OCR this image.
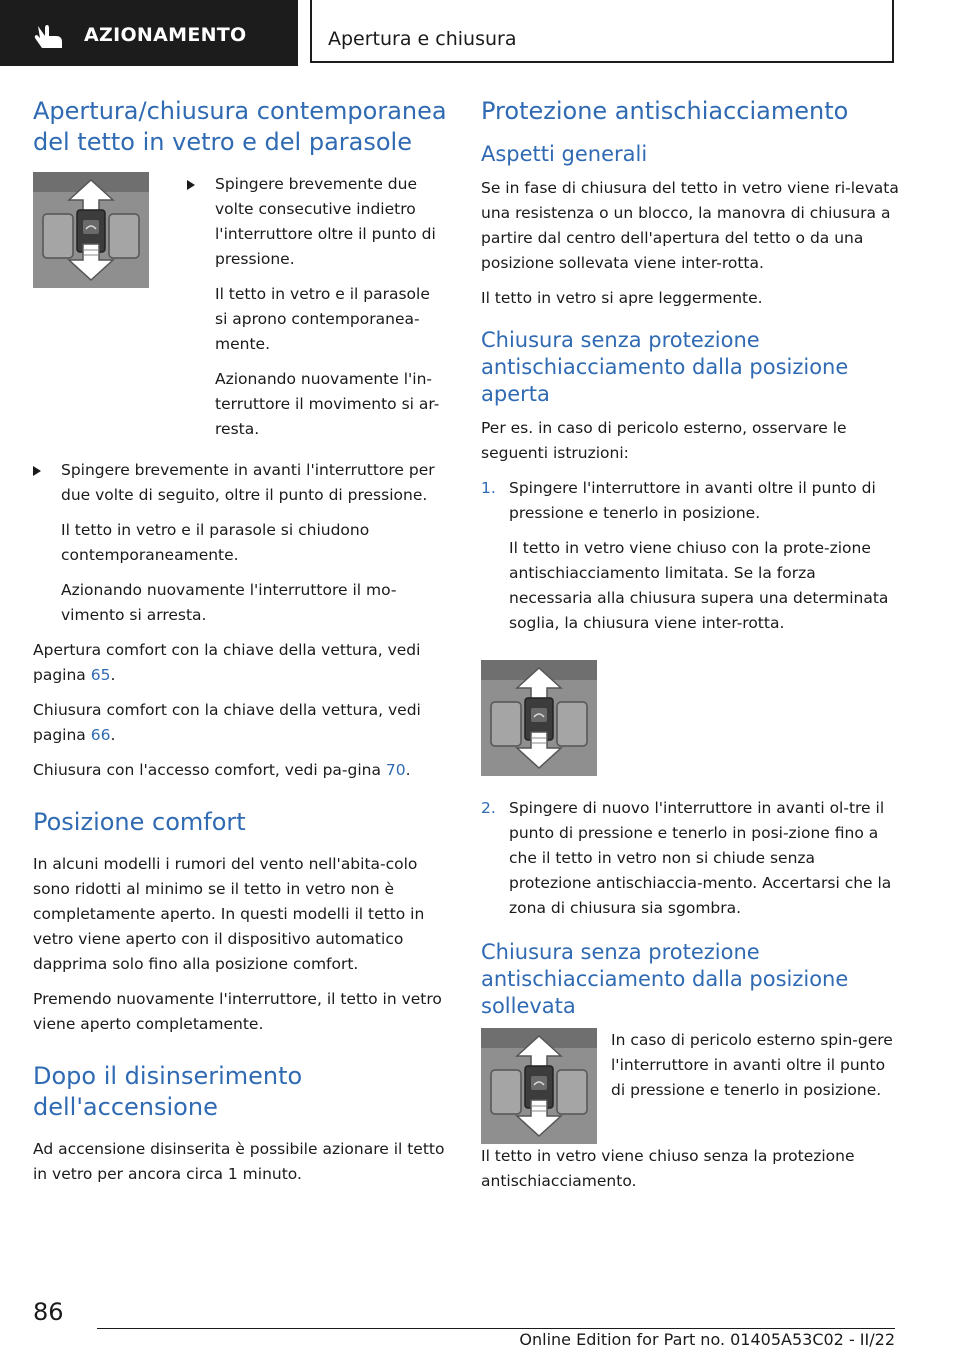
AZIONAMENTO	Apertura e chiusura
Apertura/chiusura contemporanea del tetto in vetro e del parasole

Spingere brevemente due volte consecutive indietro l'interruttore oltre il punto di pressione.

Il tetto in vetro e il parasole si aprono contemporanea-mente.

Azionando nuovamente l'in-terruttore il movimento si ar-resta.

Spingere brevemente in avanti l'interruttore per due volte di seguito, oltre il punto di pressione.

Il tetto in vetro e il parasole si chiudono contemporaneamente.

Azionando nuovamente l'interruttore il mo-vimento si arresta.

Apertura comfort con la chiave della vettura, vedi pagina 65.

Chiusura comfort con la chiave della vettura, vedi pagina 66.

Chiusura con l'accesso comfort, vedi pa-gina 70.

Posizione comfort

In alcuni modelli i rumori del vento nell'abita-colo sono ridotti al minimo se il tetto in vetro non è completamente aperto. In questi modelli il tetto in vetro viene aperto con il dispositivo automatico dapprima solo fino alla posizione comfort.

Premendo nuovamente l'interruttore, il tetto in vetro viene aperto completamente.

Dopo il disinserimento dell'accensione

Ad accensione disinserita è possibile azionare il tetto in vetro per ancora circa 1 minuto.

Protezione antischiacciamento
Aspetti generali

Se in fase di chiusura del tetto in vetro viene ri-levata una resistenza o un blocco, la manovra di chiusura a partire dal centro dell'apertura del tetto o da una posizione sollevata viene inter-rotta.

Il tetto in vetro si apre leggermente.

Chiusura senza protezione antischiacciamento dalla posizione aperta

Per es. in caso di pericolo esterno, osservare le seguenti istruzioni:

1. Spingere l'interruttore in avanti oltre il punto di pressione e tenerlo in posizione.

Il tetto in vetro viene chiuso con la prote-zione antischiacciamento limitata. Se la forza necessaria alla chiusura supera una determinata soglia, la chiusura viene inter-rotta.

2. Spingere di nuovo l'interruttore in avanti ol-tre il punto di pressione e tenerlo in posi-zione fino a che il tetto in vetro non si chiude senza protezione antischiaccia-mento. Accertarsi che la zona di chiusura sia sgombra.

Chiusura senza protezione antischiacciamento dalla posizione sollevata

In caso di pericolo esterno spin-gere l'interruttore in avanti oltre il punto di pressione e tenerlo in posizione.

Il tetto in vetro viene chiuso senza la protezione antischiacciamento.

86
Online Edition for Part no. 01405A53C02 - II/22
